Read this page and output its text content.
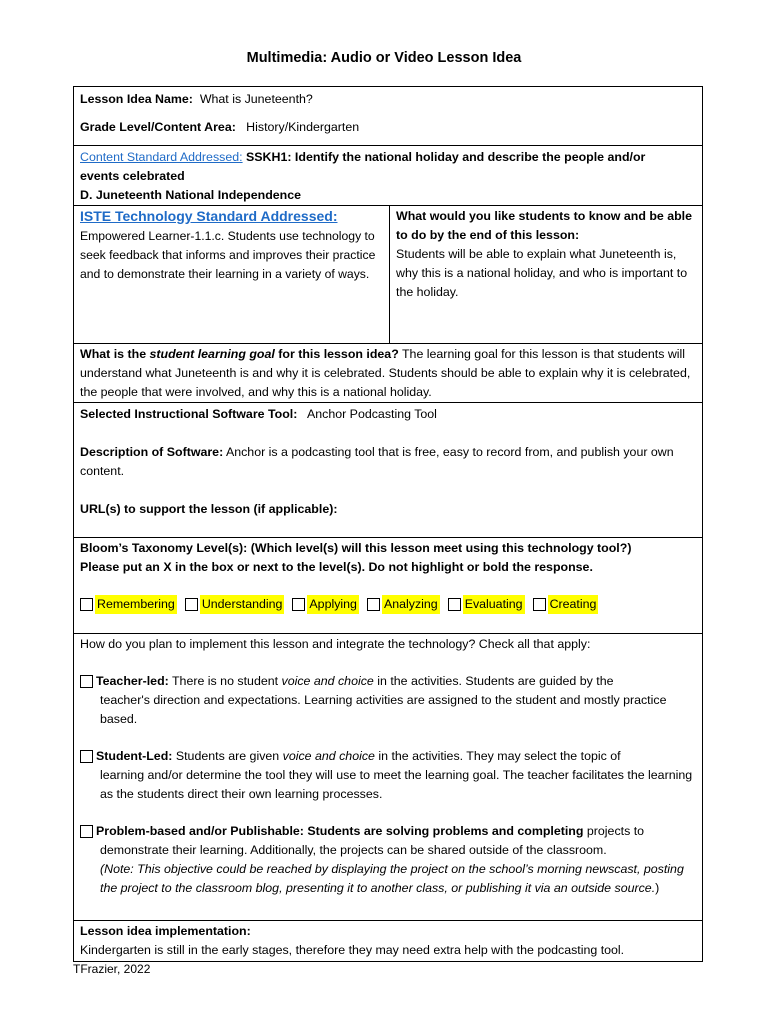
Multimedia: Audio or Video Lesson Idea
Lesson Idea Name: What is Juneteenth?
Grade Level/Content Area: History/Kindergarten
Content Standard Addressed: SSKH1: Identify the national holiday and describe the people and/or
events celebrated
D. Juneteenth National Independence
ISTE Technology Standard Addressed:
Empowered Learner-1.1.c. Students use technology to seek feedback that informs and improves their practice and to demonstrate their learning in a variety of ways.
What would you like students to know and be able to do by the end of this lesson:
Students will be able to explain what Juneteenth is, why this is a national holiday, and who is important to the holiday.
What is the student learning goal for this lesson idea? The learning goal for this lesson is that students will understand what Juneteenth is and why it is celebrated. Students should be able to explain why it is celebrated, the people that were involved, and why this is a national holiday.
Selected Instructional Software Tool: Anchor Podcasting Tool
Description of Software: Anchor is a podcasting tool that is free, easy to record from, and publish your own content.
URL(s) to support the lesson (if applicable):
Bloom’s Taxonomy Level(s): (Which level(s) will this lesson meet using this technology tool?)
Please put an X in the box or next to the level(s). Do not highlight or bold the response.
Remembering Understanding Applying Analyzing Evaluating Creating
How do you plan to implement this lesson and integrate the technology? Check all that apply:
Teacher-led: There is no student voice and choice in the activities. Students are guided by the
teacher's direction and expectations. Learning activities are assigned to the student and mostly practice based.
Student-Led: Students are given voice and choice in the activities. They may select the topic of
learning and/or determine the tool they will use to meet the learning goal. The teacher facilitates the learning as the students direct their own learning processes.
Problem-based and/or Publishable: Students are solving problems and completing projects to
demonstrate their learning. Additionally, the projects can be shared outside of the classroom.
(Note: This objective could be reached by displaying the project on the school’s morning newscast, posting the project to the classroom blog, presenting it to another class, or publishing it via an outside source.)
Lesson idea implementation:
Kindergarten is still in the early stages, therefore they may need extra help with the podcasting tool.
TFrazier, 2022
